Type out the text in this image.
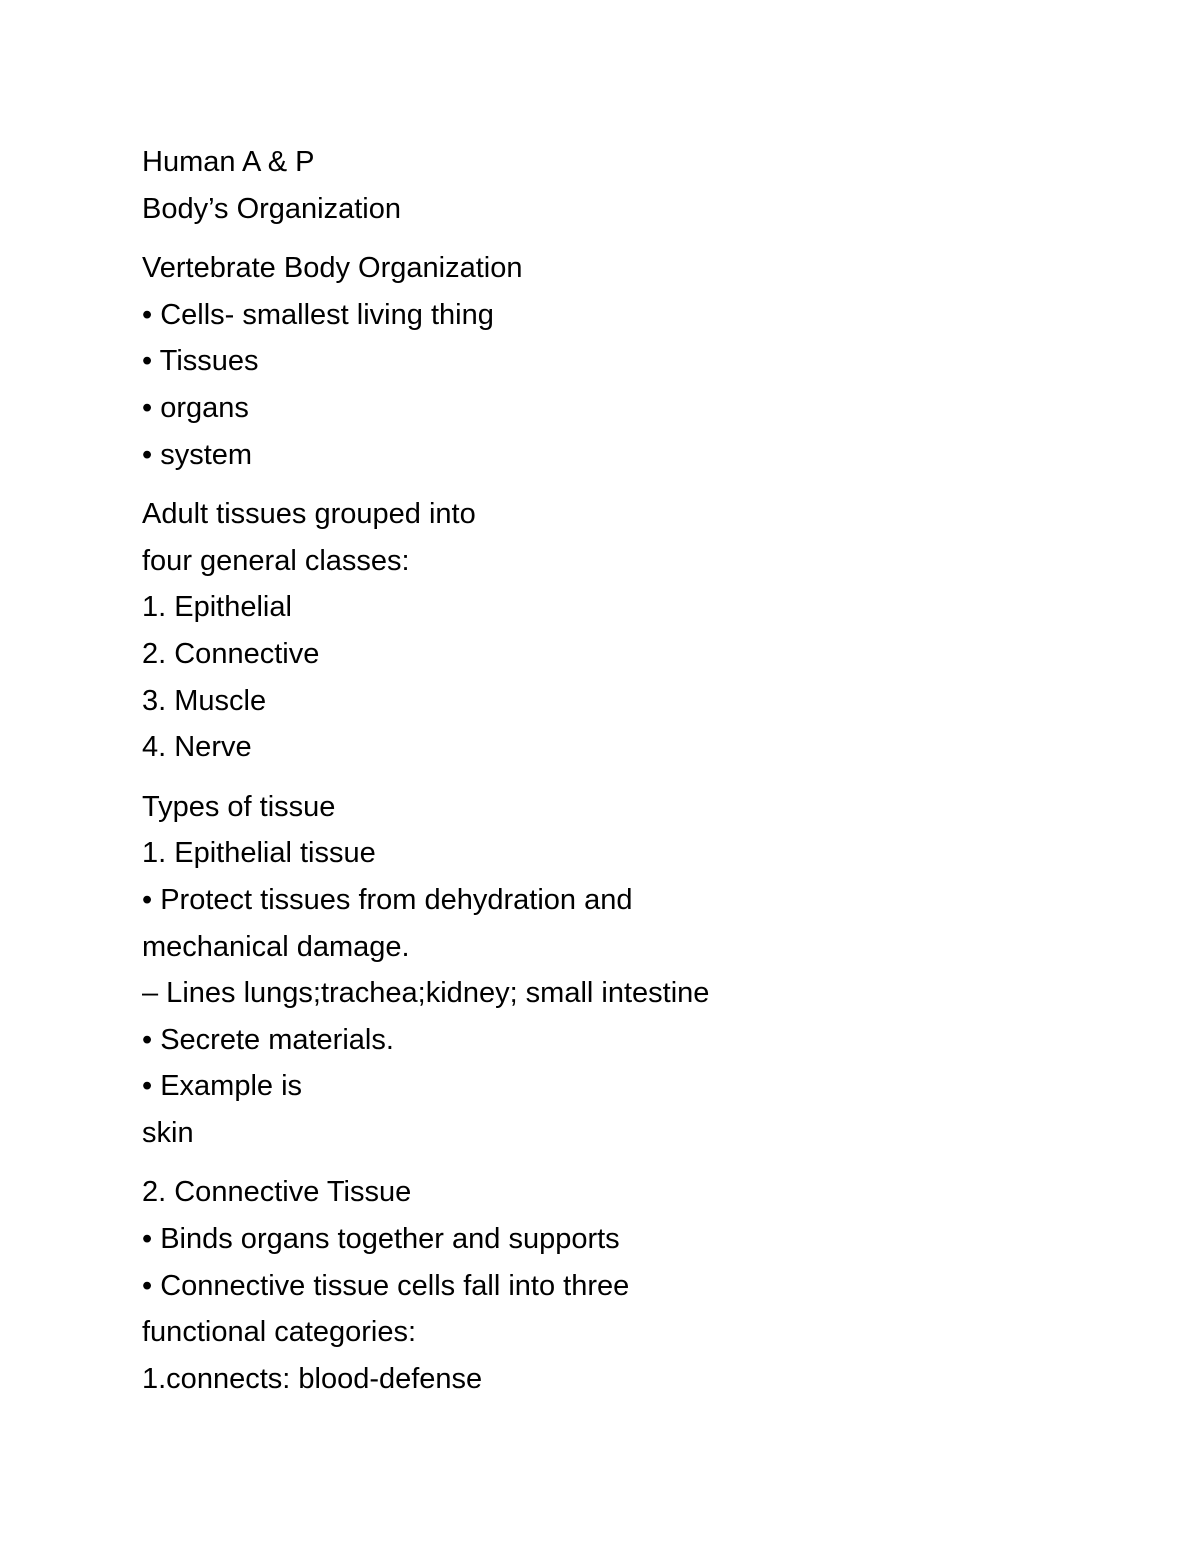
Human A & P
Body’s Organization
Vertebrate Body Organization
• Cells- smallest living thing
• Tissues
• organs
• system
Adult tissues grouped into
four general classes:
1. Epithelial
2. Connective
3. Muscle
4. Nerve
Types of tissue
1. Epithelial tissue
• Protect tissues from dehydration and
mechanical damage.
– Lines lungs;trachea;kidney; small intestine
• Secrete materials.
• Example is
skin
2. Connective Tissue
• Binds organs together and supports
• Connective tissue cells fall into three
functional categories:
1.connects: blood-defense
